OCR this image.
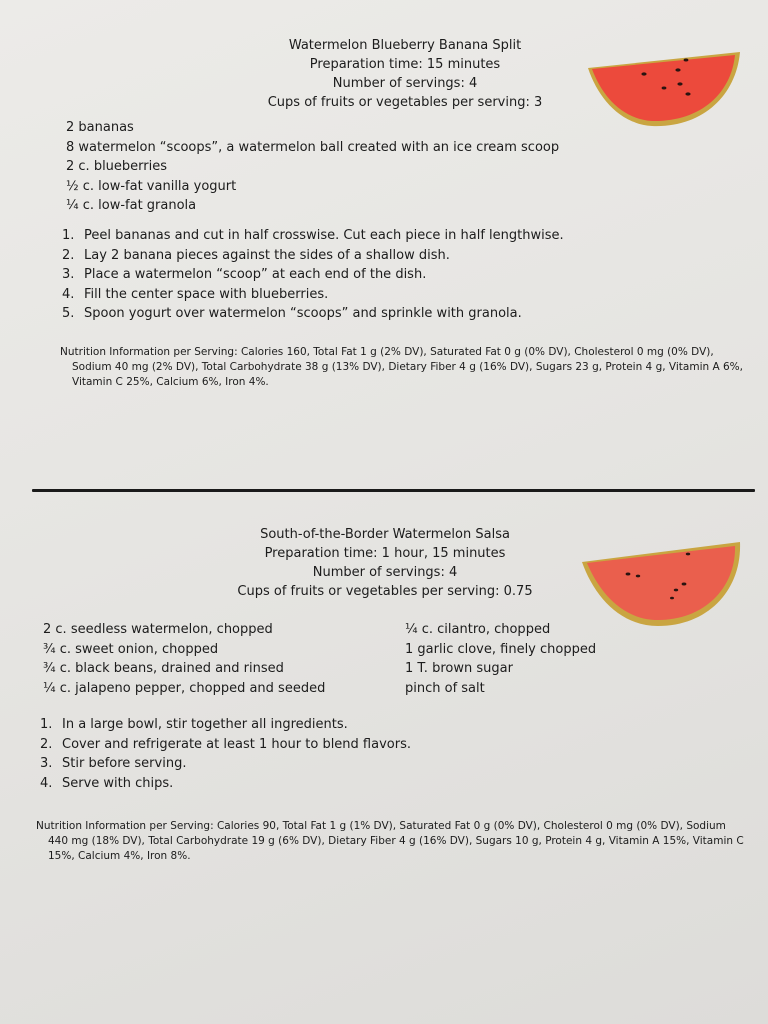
Watermelon Blueberry Banana Split
Preparation time: 15 minutes
Number of servings: 4
Cups of fruits or vegetables per serving: 3
2 bananas
8 watermelon “scoops”, a watermelon ball created with an ice cream scoop
2 c. blueberries
½ c. low-fat vanilla yogurt
¼ c. low-fat granola
1. Peel bananas and cut in half crosswise. Cut each piece in half lengthwise.
2. Lay 2 banana pieces against the sides of a shallow dish.
3. Place a watermelon “scoop” at each end of the dish.
4. Fill the center space with blueberries.
5. Spoon yogurt over watermelon “scoops” and sprinkle with granola.

Nutrition Information per Serving: Calories 160, Total Fat 1 g (2% DV), Saturated Fat 0 g (0% DV), Cholesterol 0 mg (0% DV), Sodium 40 mg (2% DV), Total Carbohydrate 38 g (13% DV), Dietary Fiber 4 g (16% DV), Sugars 23 g, Protein 4 g, Vitamin A 6%, Vitamin C 25%, Calcium 6%, Iron 4%.

South-of-the-Border Watermelon Salsa
Preparation time: 1 hour, 15 minutes
Number of servings: 4
Cups of fruits or vegetables per serving: 0.75
2 c. seedless watermelon, chopped
¾ c. sweet onion, chopped
¾ c. black beans, drained and rinsed
¼ c. jalapeno pepper, chopped and seeded
¼ c. cilantro, chopped
1 garlic clove, finely chopped
1 T. brown sugar
pinch of salt
1. In a large bowl, stir together all ingredients.
2. Cover and refrigerate at least 1 hour to blend flavors.
3. Stir before serving.
4. Serve with chips.

Nutrition Information per Serving: Calories 90, Total Fat 1 g (1% DV), Saturated Fat 0 g (0% DV), Cholesterol 0 mg (0% DV), Sodium 440 mg (18% DV), Total Carbohydrate 19 g (6% DV), Dietary Fiber 4 g (16% DV), Sugars 10 g, Protein 4 g, Vitamin A 15%, Vitamin C 15%, Calcium 4%, Iron 8%.
